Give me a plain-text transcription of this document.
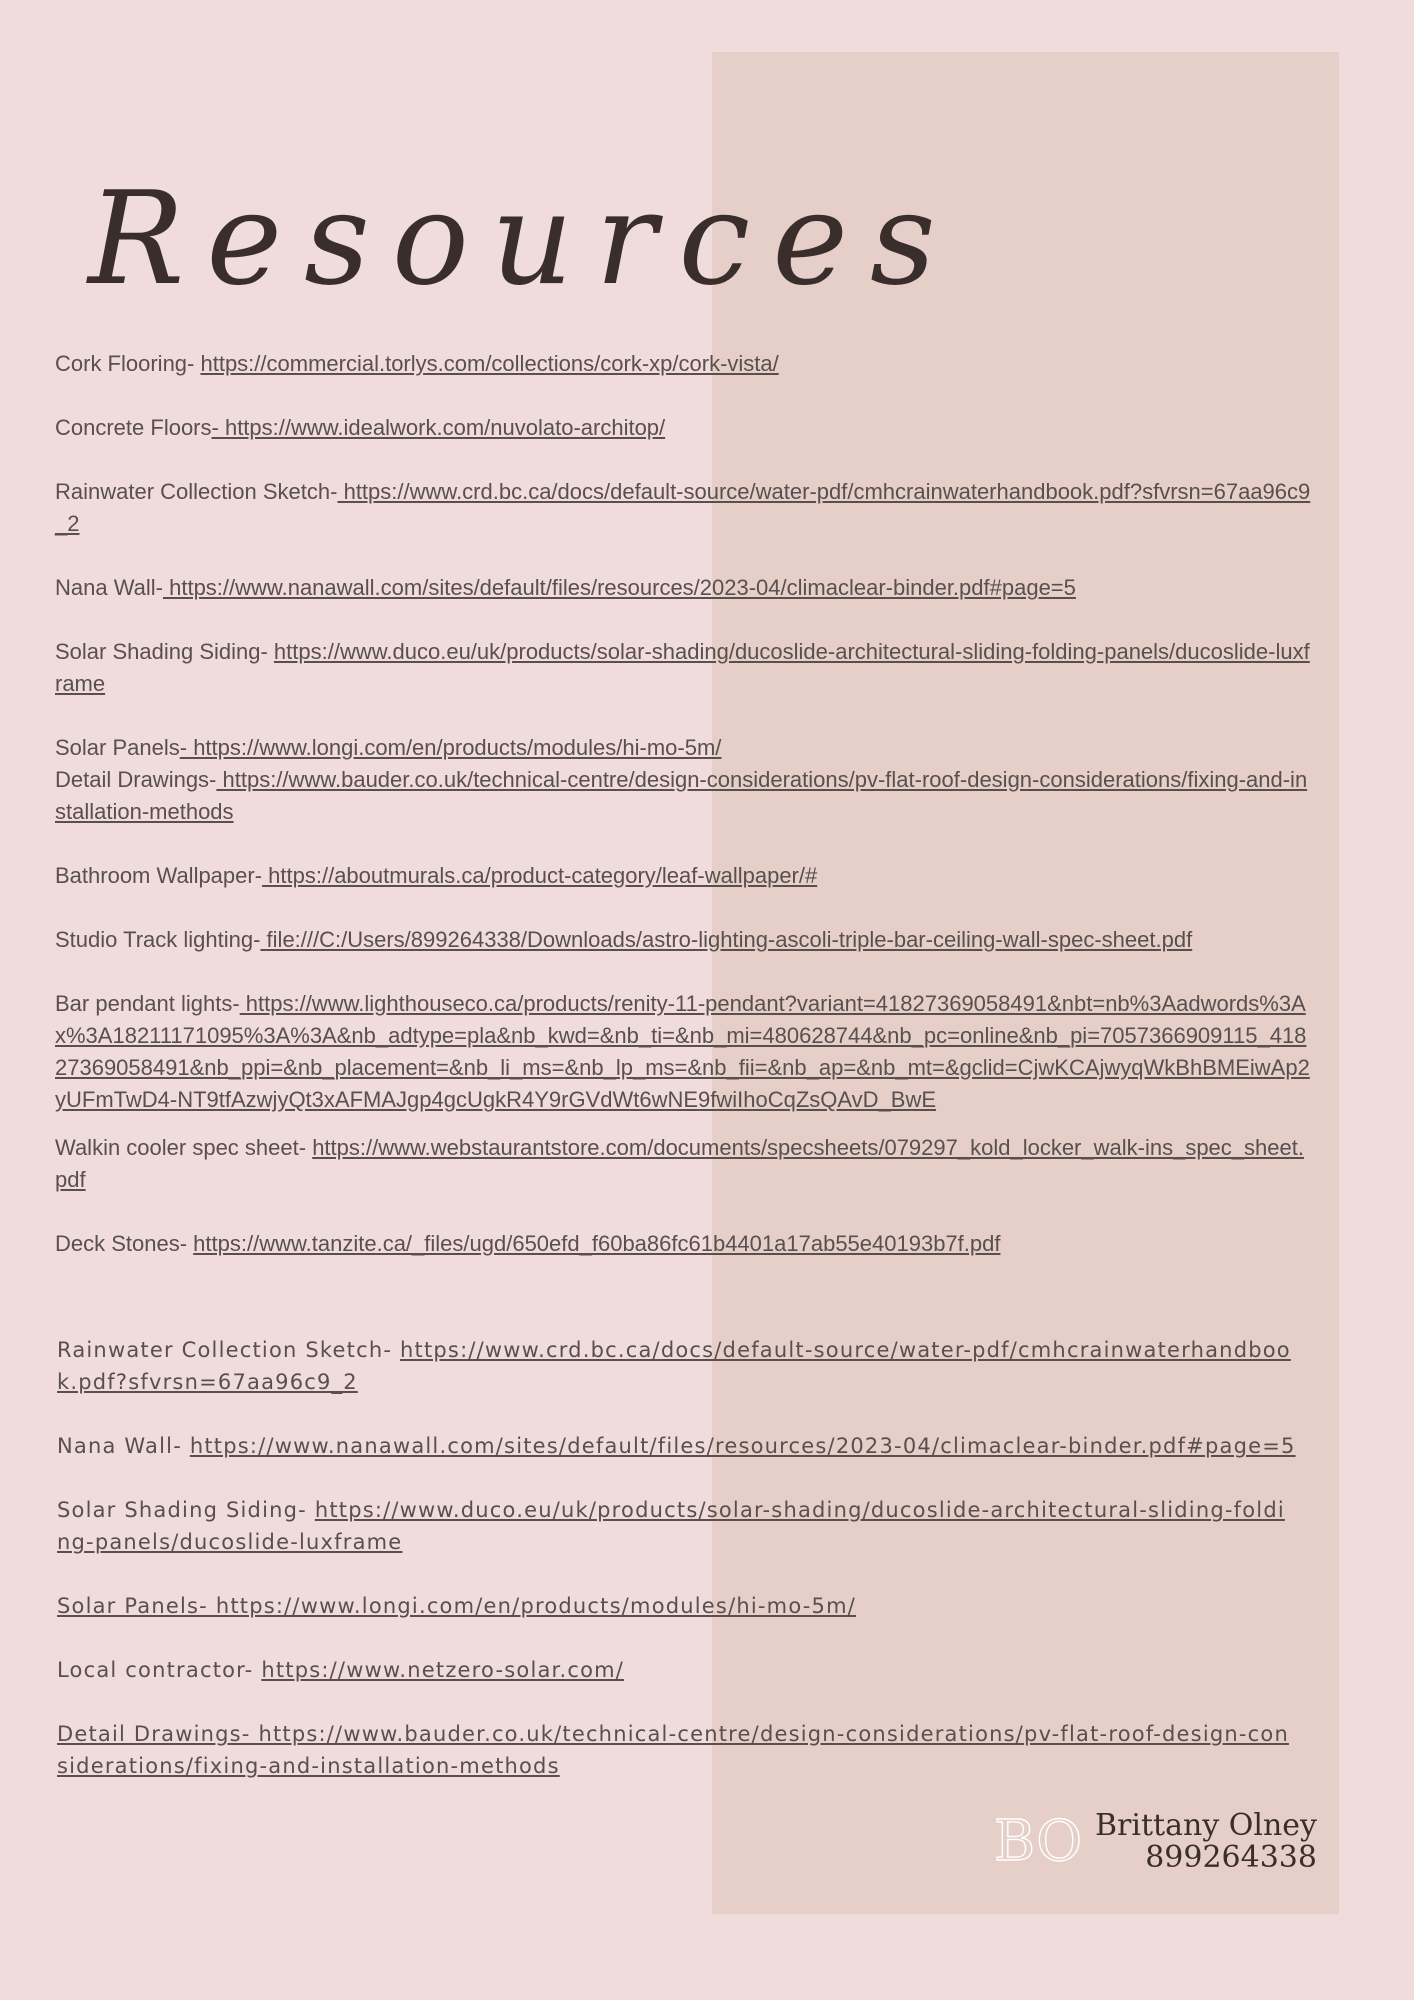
Resources

Cork Flooring- https://commercial.torlys.com/collections/cork-xp/cork-vista/

Concrete Floors- https://www.idealwork.com/nuvolato-architop/

Rainwater Collection Sketch- https://www.crd.bc.ca/docs/default-source/water-pdf/cmhcrainwaterhandbook.pdf?sfvrsn=67aa96c9_2

Nana Wall- https://www.nanawall.com/sites/default/files/resources/2023-04/climaclear-binder.pdf#page=5

Solar Shading Siding- https://www.duco.eu/uk/products/solar-shading/ducoslide-architectural-sliding-folding-panels/ducoslide-luxframe

Solar Panels- https://www.longi.com/en/products/modules/hi-mo-5m/

Detail Drawings- https://www.bauder.co.uk/technical-centre/design-considerations/pv-flat-roof-design-considerations/fixing-and-installation-methods

Bathroom Wallpaper- https://aboutmurals.ca/product-category/leaf-wallpaper/#

Studio Track lighting- file:///C:/Users/899264338/Downloads/astro-lighting-ascoli-triple-bar-ceiling-wall-spec-sheet.pdf

Bar pendant lights- https://www.lighthouseco.ca/products/renity-11-pendant?variant=41827369058491&nbt=nb%3Aadwords%3Ax%3A18211171095%3A%3A&nb_adtype=pla&nb_kwd=&nb_ti=&nb_mi=480628744&nb_pc=online&nb_pi=7057366909115_41827369058491&nb_ppi=&nb_placement=&nb_li_ms=&nb_lp_ms=&nb_fii=&nb_ap=&nb_mt=&gclid=CjwKCAjwyqWkBhBMEiwAp2yUFmTwD4-NT9tfAzwjyQt3xAFMAJgp4gcUgkR4Y9rGVdWt6wNE9fwiIhoCqZsQAvD_BwE

Walkin cooler spec sheet- https://www.webstaurantstore.com/documents/specsheets/079297_kold_locker_walk-ins_spec_sheet.pdf

Deck Stones- https://www.tanzite.ca/_files/ugd/650efd_f60ba86fc61b4401a17ab55e40193b7f.pdf

Rainwater Collection Sketch- https://www.crd.bc.ca/docs/default-source/water-pdf/cmhcrainwaterhandbook.pdf?sfvrsn=67aa96c9_2

Nana Wall- https://www.nanawall.com/sites/default/files/resources/2023-04/climaclear-binder.pdf#page=5

Solar Shading Siding- https://www.duco.eu/uk/products/solar-shading/ducoslide-architectural-sliding-folding-panels/ducoslide-luxframe

Solar Panels- https://www.longi.com/en/products/modules/hi-mo-5m/

Local contractor- https://www.netzero-solar.com/

Detail Drawings- https://www.bauder.co.uk/technical-centre/design-considerations/pv-flat-roof-design-considerations/fixing-and-installation-methods

BO Brittany Olney
899264338
